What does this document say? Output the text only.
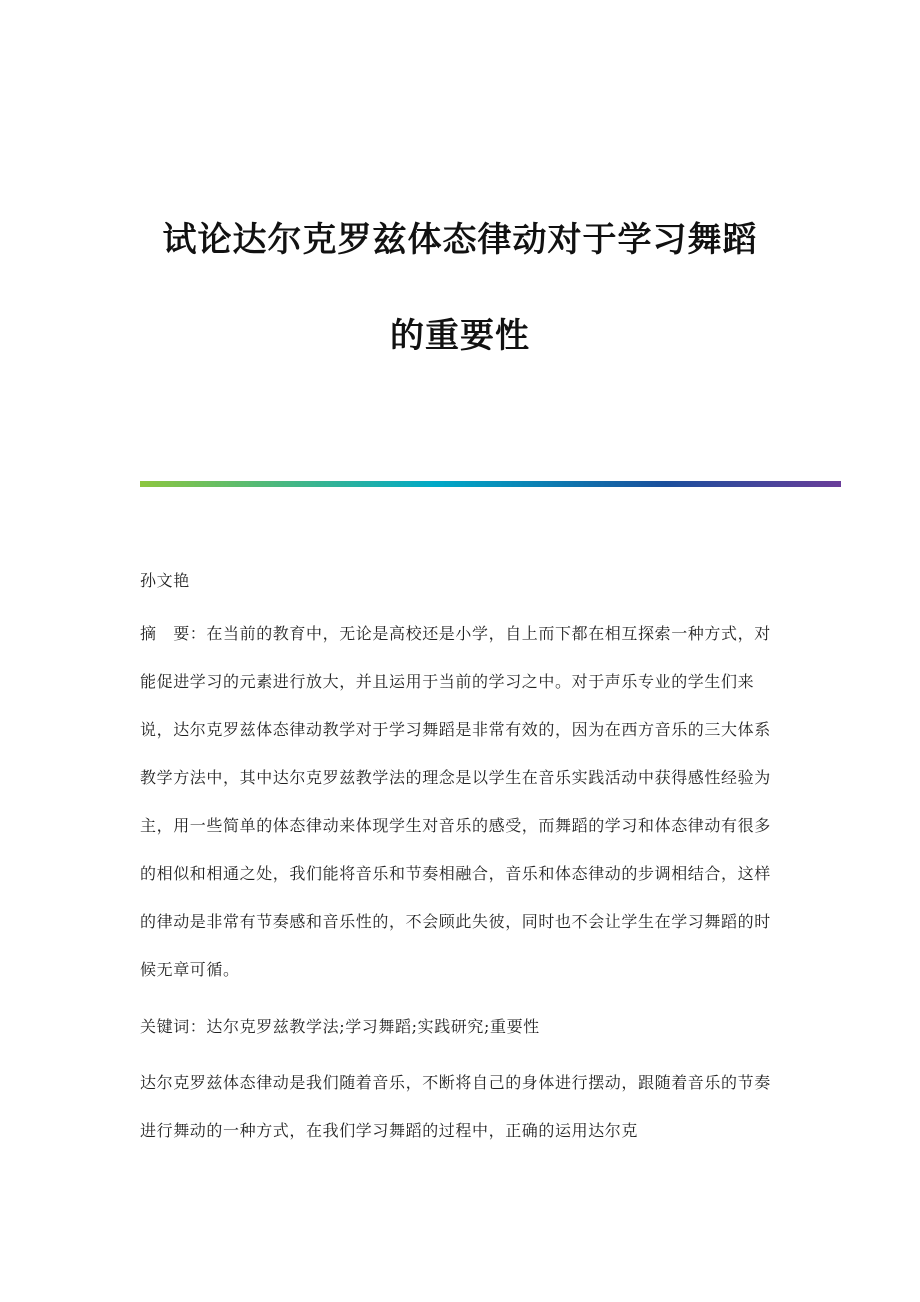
试论达尔克罗兹体态律动对于学习舞蹈
的重要性
孙文艳
摘　要：在当前的教育中，无论是高校还是小学，自上而下都在相互探索一种方式，对能促进学习的元素进行放大，并且运用于当前的学习之中。对于声乐专业的学生们来说，达尔克罗兹体态律动教学对于学习舞蹈是非常有效的，因为在西方音乐的三大体系教学方法中，其中达尔克罗兹教学法的理念是以学生在音乐实践活动中获得感性经验为主，用一些简单的体态律动来体现学生对音乐的感受，而舞蹈的学习和体态律动有很多的相似和相通之处，我们能将音乐和节奏相融合，音乐和体态律动的步调相结合，这样的律动是非常有节奏感和音乐性的，不会顾此失彼，同时也不会让学生在学习舞蹈的时候无章可循。
关键词：达尔克罗兹教学法;学习舞蹈;实践研究;重要性
达尔克罗兹体态律动是我们随着音乐，不断将自己的身体进行摆动，跟随着音乐的节奏进行舞动的一种方式，在我们学习舞蹈的过程中，正确的运用达尔克
